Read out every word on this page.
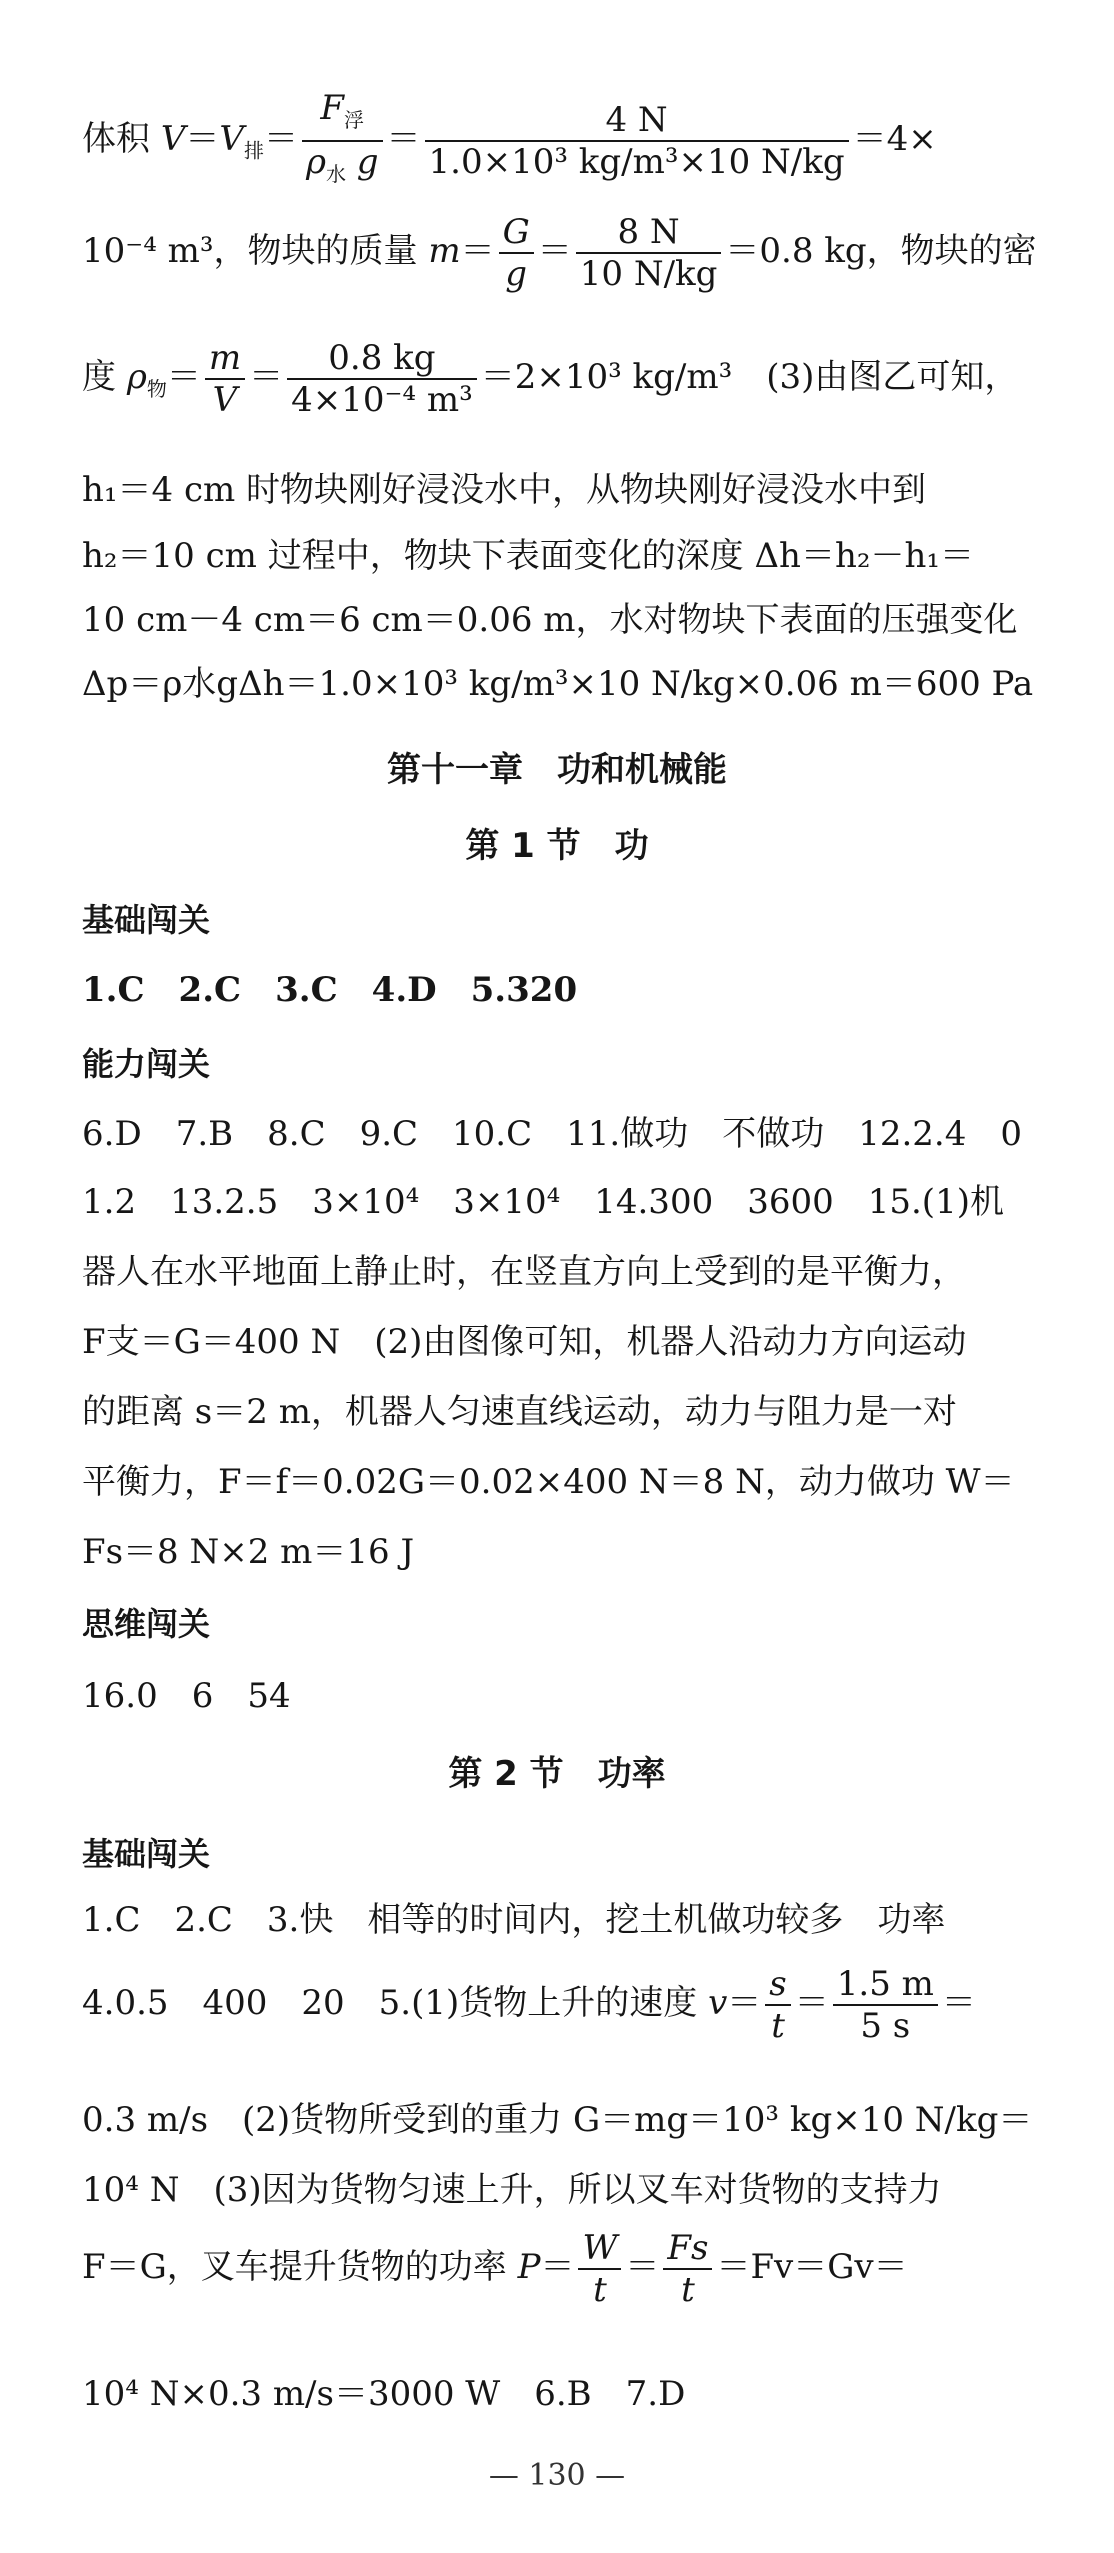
体积 $V=V_排= \frac{F_浮}{\rho_水 g} = \frac{4 N}{\text{1.0×10³ kg/m³×10 N/kg}} =4\times$
10⁻⁴ m³，物块的质量 $m= \frac{G}{g} = \frac{8 N}{10 N/kg} =0.8$ kg，物块的密
度 $\rho_物= \frac{m}{V} = \frac{0.8 kg}{\text{4×10⁻⁴ m³}} =2\times 10^3$ kg/m³　(3)由图乙可知，
h₁＝4 cm 时物块刚好浸没水中，从物块刚好浸没水中到
h₂＝10 cm 过程中，物块下表面变化的深度 Δh＝h₂－h₁＝
10 cm－4 cm＝6 cm＝0.06 m，水对物块下表面的压强变化
Δp＝ρ水gΔh＝1.0×10³ kg/m³×10 N/kg×0.06 m＝600 Pa
第十一章　功和机械能
第 1 节　功
基础闯关
1.C　2.C　3.C　4.D　5.320
能力闯关
6.D　7.B　8.C　9.C　10.C　11.做功　不做功　12.2.4　0
1.2　13.2.5　3×10⁴　3×10⁴　14.300　3600　15.(1)机
器人在水平地面上静止时，在竖直方向上受到的是平衡力，
F支＝G＝400 N　(2)由图像可知，机器人沿动力方向运动
的距离 s＝2 m，机器人匀速直线运动，动力与阻力是一对
平衡力，F＝f＝0.02G＝0.02×400 N＝8 N，动力做功 W＝
Fs＝8 N×2 m＝16 J
思维闯关
16.0　6　54
第 2 节　功率
基础闯关
1.C　2.C　3.快　相等的时间内，挖土机做功较多　功率
4.0.5　400　20　5.(1)货物上升的速度 $v= \frac{s}{t} = \frac{1.5 m}{5 s}$ ＝
0.3 m/s　(2)货物所受到的重力 G＝mg＝10³ kg×10 N/kg＝
10⁴ N　(3)因为货物匀速上升，所以叉车对货物的支持力
F＝G，叉车提升货物的功率 $P= \frac{W}{t} = \frac{Fs}{t} =Fv=Gv=$
10⁴ N×0.3 m/s＝3000 W　6.B　7.D
— 130 —
